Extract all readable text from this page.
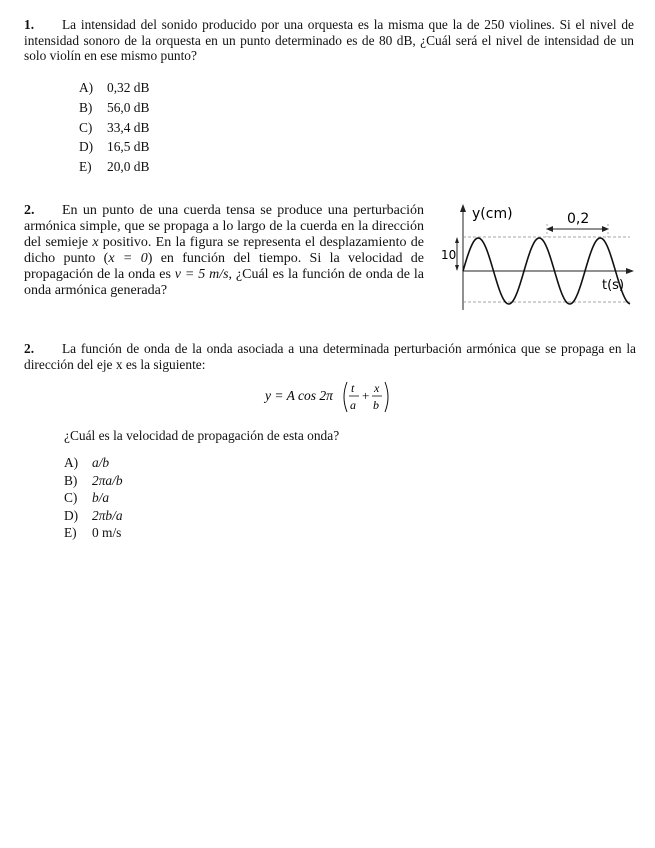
1. La intensidad del sonido producido por una orquesta es la misma que la de 250 violines. Si el nivel de intensidad sonoro de la orquesta en un punto determinado es de 80 dB, ¿Cuál será el nivel de intensidad de un solo violín en ese mismo punto?
A) 0,32 dB
B) 56,0 dB
C) 33,4 dB
D) 16,5 dB
E) 20,0 dB
2. En un punto de una cuerda tensa se produce una perturbación armónica simple, que se propaga a lo largo de la cuerda en la dirección del semieje x positivo. En la figura se representa el desplazamiento de dicho punto (x = 0) en función del tiempo. Si la velocidad de propagación de la onda es v = 5 m/s, ¿Cuál es la función de onda de la onda armónica generada?
y(cm)	0,2
10
t(s)
2. La función de onda de la onda asociada a una determinada perturbación armónica que se propaga en la dirección del eje x es la siguiente:
y = A cos 2π t
a
+ x
b
¿Cuál es la velocidad de propagación de esta onda?
A) a/b
B) 2πa/b
C) b/a
D) 2πb/a
E) 0 m/s
